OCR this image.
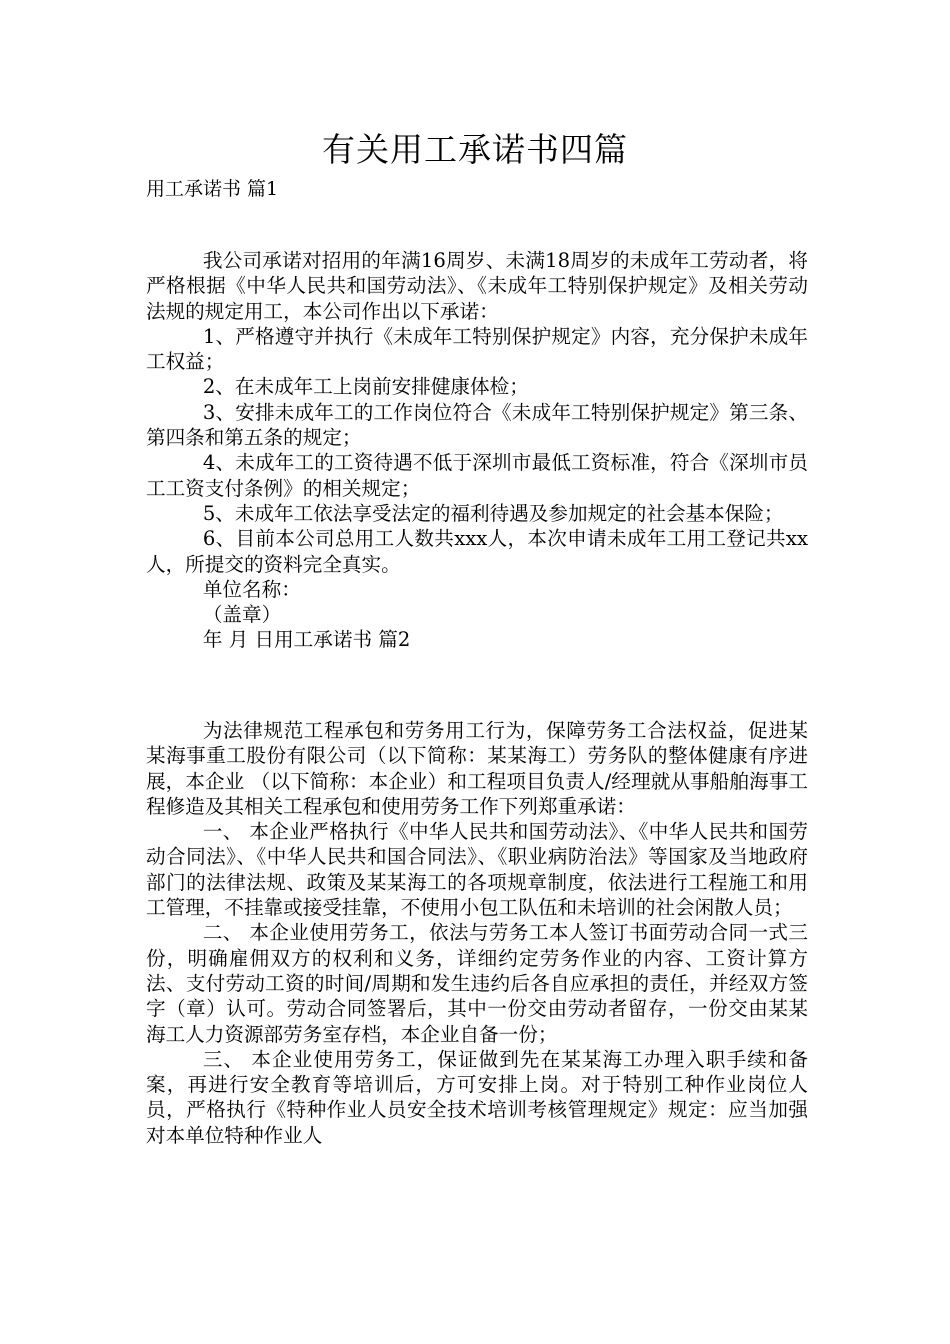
有关用工承诺书四篇
用工承诺书 篇1

我公司承诺对招用的年满16周岁、未满18周岁的未成年工劳动者，将严格根据《中华人民共和国劳动法》、《未成年工特别保护规定》及相关劳动法规的规定用工，本公司作出以下承诺：

1、严格遵守并执行《未成年工特别保护规定》内容，充分保护未成年工权益；

2、在未成年工上岗前安排健康体检；

3、安排未成年工的工作岗位符合《未成年工特别保护规定》第三条、第四条和第五条的规定；

4、未成年工的工资待遇不低于深圳市最低工资标准，符合《深圳市员工工资支付条例》的相关规定；

5、未成年工依法享受法定的福利待遇及参加规定的社会基本保险；

6、目前本公司总用工人数共xxx人，本次申请未成年工用工登记共xx人，所提交的资料完全真实。

单位名称：

（盖章）

年 月 日用工承诺书 篇2

为法律规范工程承包和劳务用工行为，保障劳务工合法权益，促进某某海事重工股份有限公司（以下简称：某某海工）劳务队的整体健康有序进展，本企业 （以下简称：本企业）和工程项目负责人/经理就从事船舶海事工程修造及其相关工程承包和使用劳务工作下列郑重承诺：

一、 本企业严格执行《中华人民共和国劳动法》、《中华人民共和国劳动合同法》、《中华人民共和国合同法》、《职业病防治法》等国家及当地政府部门的法律法规、政策及某某海工的各项规章制度，依法进行工程施工和用工管理，不挂靠或接受挂靠，不使用小包工队伍和未培训的社会闲散人员；

二、 本企业使用劳务工，依法与劳务工本人签订书面劳动合同一式三份，明确雇佣双方的权利和义务，详细约定劳务作业的内容、工资计算方法、支付劳动工资的时间/周期和发生违约后各自应承担的责任，并经双方签字（章）认可。劳动合同签署后，其中一份交由劳动者留存，一份交由某某海工人力资源部劳务室存档，本企业自备一份；

三、 本企业使用劳务工，保证做到先在某某海工办理入职手续和备案，再进行安全教育等培训后，方可安排上岗。对于特别工种作业岗位人员，严格执行《特种作业人员安全技术培训考核管理规定》规定：应当加强对本单位特种作业人
